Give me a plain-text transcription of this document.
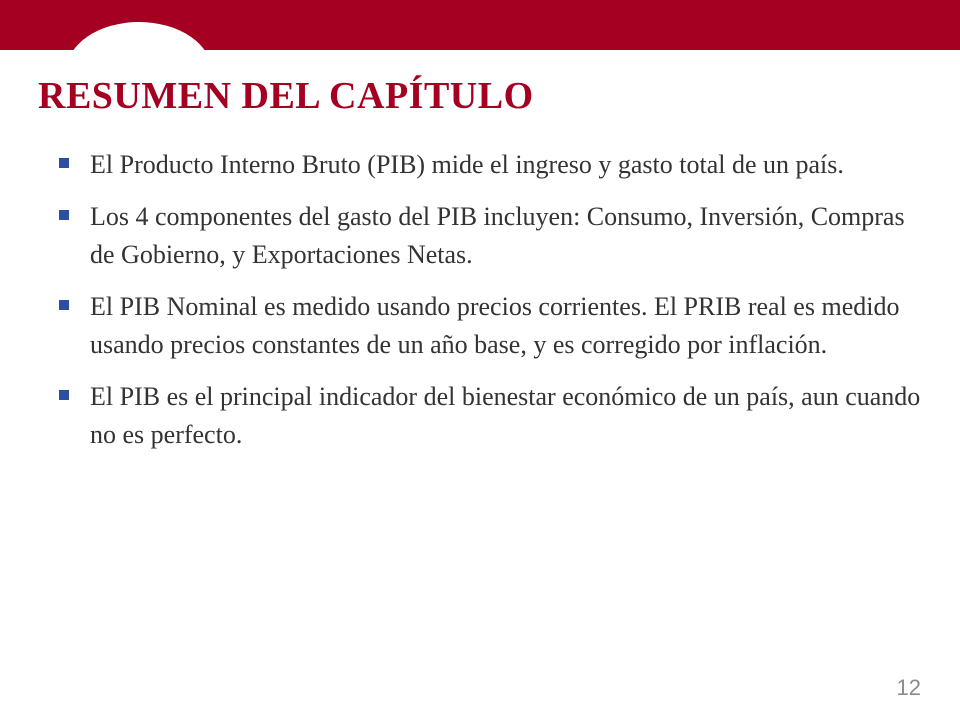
RESUMEN DEL CAPÍTULO
El Producto Interno Bruto (PIB) mide el ingreso y gasto total de un país.
Los 4 componentes del gasto del PIB incluyen: Consumo, Inversión, Compras de Gobierno, y Exportaciones Netas.
El PIB Nominal es medido usando precios corrientes. El PRIB real es medido usando precios constantes de un año base, y es corregido por inflación.
El PIB es el principal indicador del bienestar económico de un país, aun cuando no es perfecto.
12
